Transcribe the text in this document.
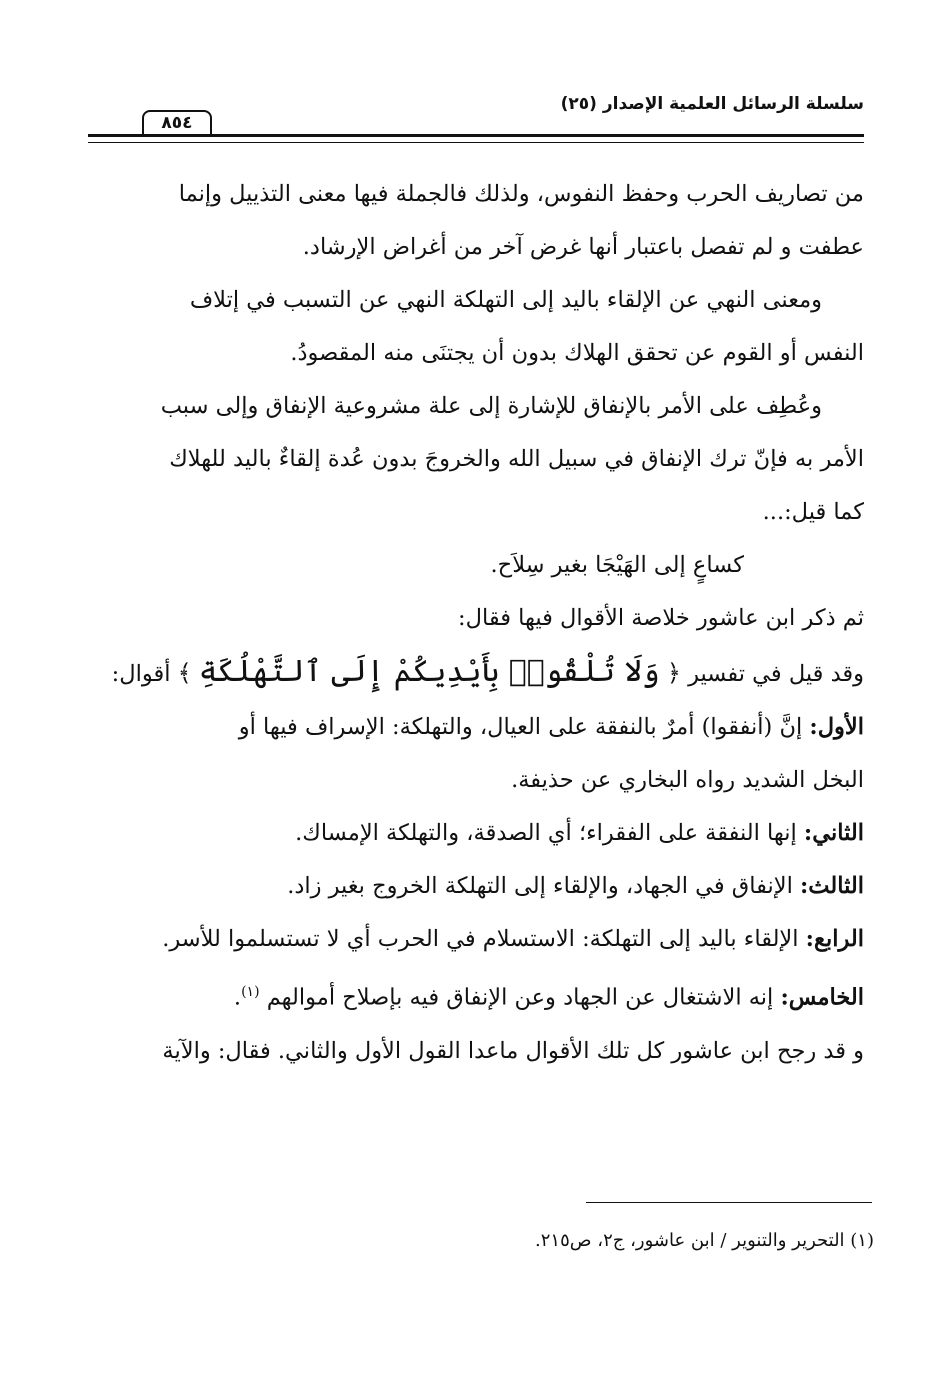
سلسلة الرسائل العلمية الإصدار (٢٥)
٨٥٤

من تصاريف الحرب وحفظ النفوس، ولذلك فالجملة فيها معنى التذييل وإنما
عطفت و لم تفصل باعتبار أنها غرض آخر من أغراض الإرشاد.

ومعنى النهي عن الإلقاء باليد إلى التهلكة النهي عن التسبب في إتلاف
النفس أو القوم عن تحقق الهلاك بدون أن يجتنَى منه المقصودُ.

وعُطِف على الأمر بالإنفاق للإشارة إلى علة مشروعية الإنفاق وإلى سبب
الأمر به فإنّ ترك الإنفاق في سبيل الله والخروجَ بدون عُدة إلقاءٌ باليد للهلاك
كما قيل:...

كساعٍ إلى الهَيْجَا بغير سِلاَح.

ثم ذكر ابن عاشور خلاصة الأقوال فيها فقال:

وقد قيل في تفسير ﴿ وَلَا تُلْقُوا۟ بِأَيْدِيكُمْ إِلَى ٱلتَّهْلُكَةِ ﴾ أقوال:

الأول: إنَّ (أنفقوا) أمرٌ بالنفقة على العيال، والتهلكة: الإسراف فيها أو
البخل الشديد رواه البخاري عن حذيفة.

الثاني: إنها النفقة على الفقراء؛ أي الصدقة، والتهلكة الإمساك.

الثالث: الإنفاق في الجهاد، والإلقاء إلى التهلكة الخروج بغير زاد.

الرابع: الإلقاء باليد إلى التهلكة: الاستسلام في الحرب أي لا تستسلموا للأسر.

الخامس: إنه الاشتغال عن الجهاد وعن الإنفاق فيه بإصلاح أموالهم $^{(١)}$.

و قد رجح ابن عاشور كل تلك الأقوال ماعدا القول الأول والثاني. فقال: والآية

(١) التحرير والتنوير / ابن عاشور، ج٢، ص٢١٥.
